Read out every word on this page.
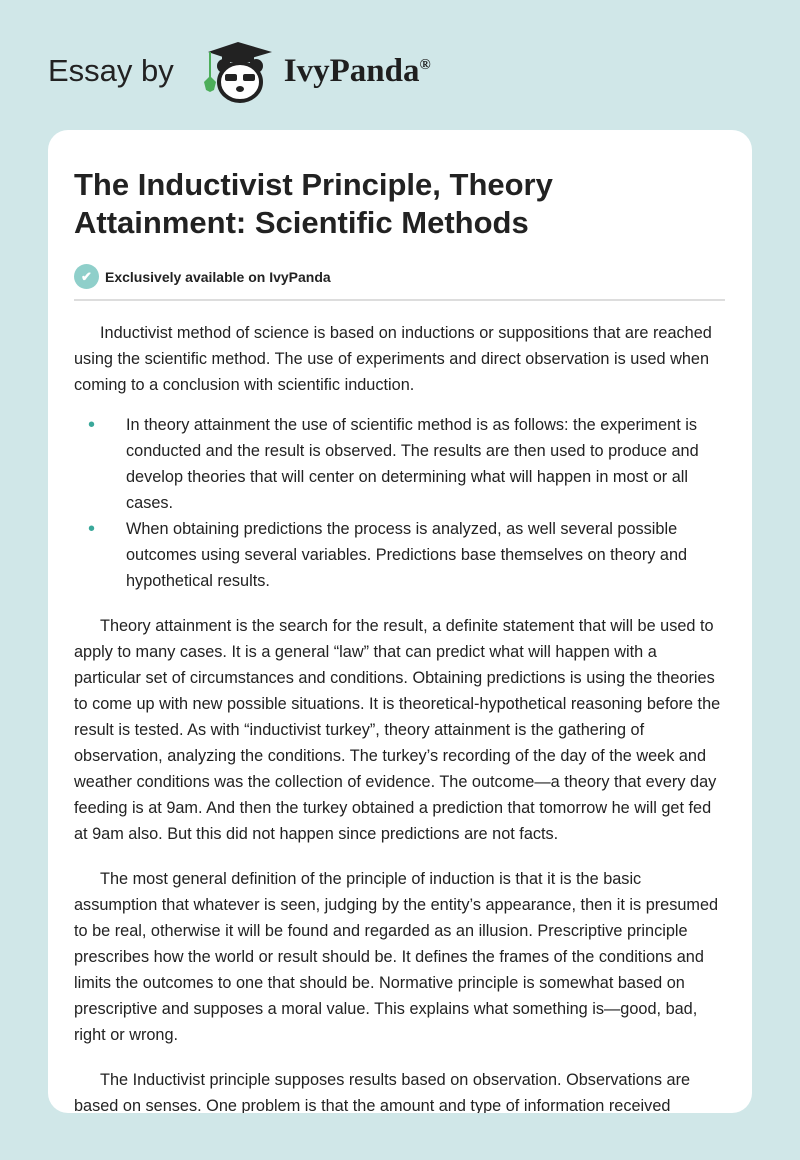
Essay by	IvyPanda®
The Inductivist Principle, Theory Attainment: Scientific Methods
✔ Exclusively available on IvyPanda

Inductivist method of science is based on inductions or suppositions that are reached using the scientific method. The use of experiments and direct observation is used when coming to a conclusion with scientific induction.

• In theory attainment the use of scientific method is as follows: the experiment is conducted and the result is observed. The results are then used to produce and develop theories that will center on determining what will happen in most or all cases.
• When obtaining predictions the process is analyzed, as well several possible outcomes using several variables. Predictions base themselves on theory and hypothetical results.

Theory attainment is the search for the result, a definite statement that will be used to apply to many cases. It is a general “law” that can predict what will happen with a particular set of circumstances and conditions. Obtaining predictions is using the theories to come up with new possible situations. It is theoretical-hypothetical reasoning before the result is tested. As with “inductivist turkey”, theory attainment is the gathering of observation, analyzing the conditions. The turkey’s recording of the day of the week and weather conditions was the collection of evidence. The outcome—a theory that every day feeding is at 9am. And then the turkey obtained a prediction that tomorrow he will get fed at 9am also. But this did not happen since predictions are not facts.

The most general definition of the principle of induction is that it is the basic assumption that whatever is seen, judging by the entity’s appearance, then it is presumed to be real, otherwise it will be found and regarded as an illusion. Prescriptive principle prescribes how the world or result should be. It defines the frames of the conditions and limits the outcomes to one that should be. Normative principle is somewhat based on prescriptive and supposes a moral value. This explains what something is—good, bad, right or wrong.

The Inductivist principle supposes results based on observation. Observations are based on senses. One problem is that the amount and type of information received
